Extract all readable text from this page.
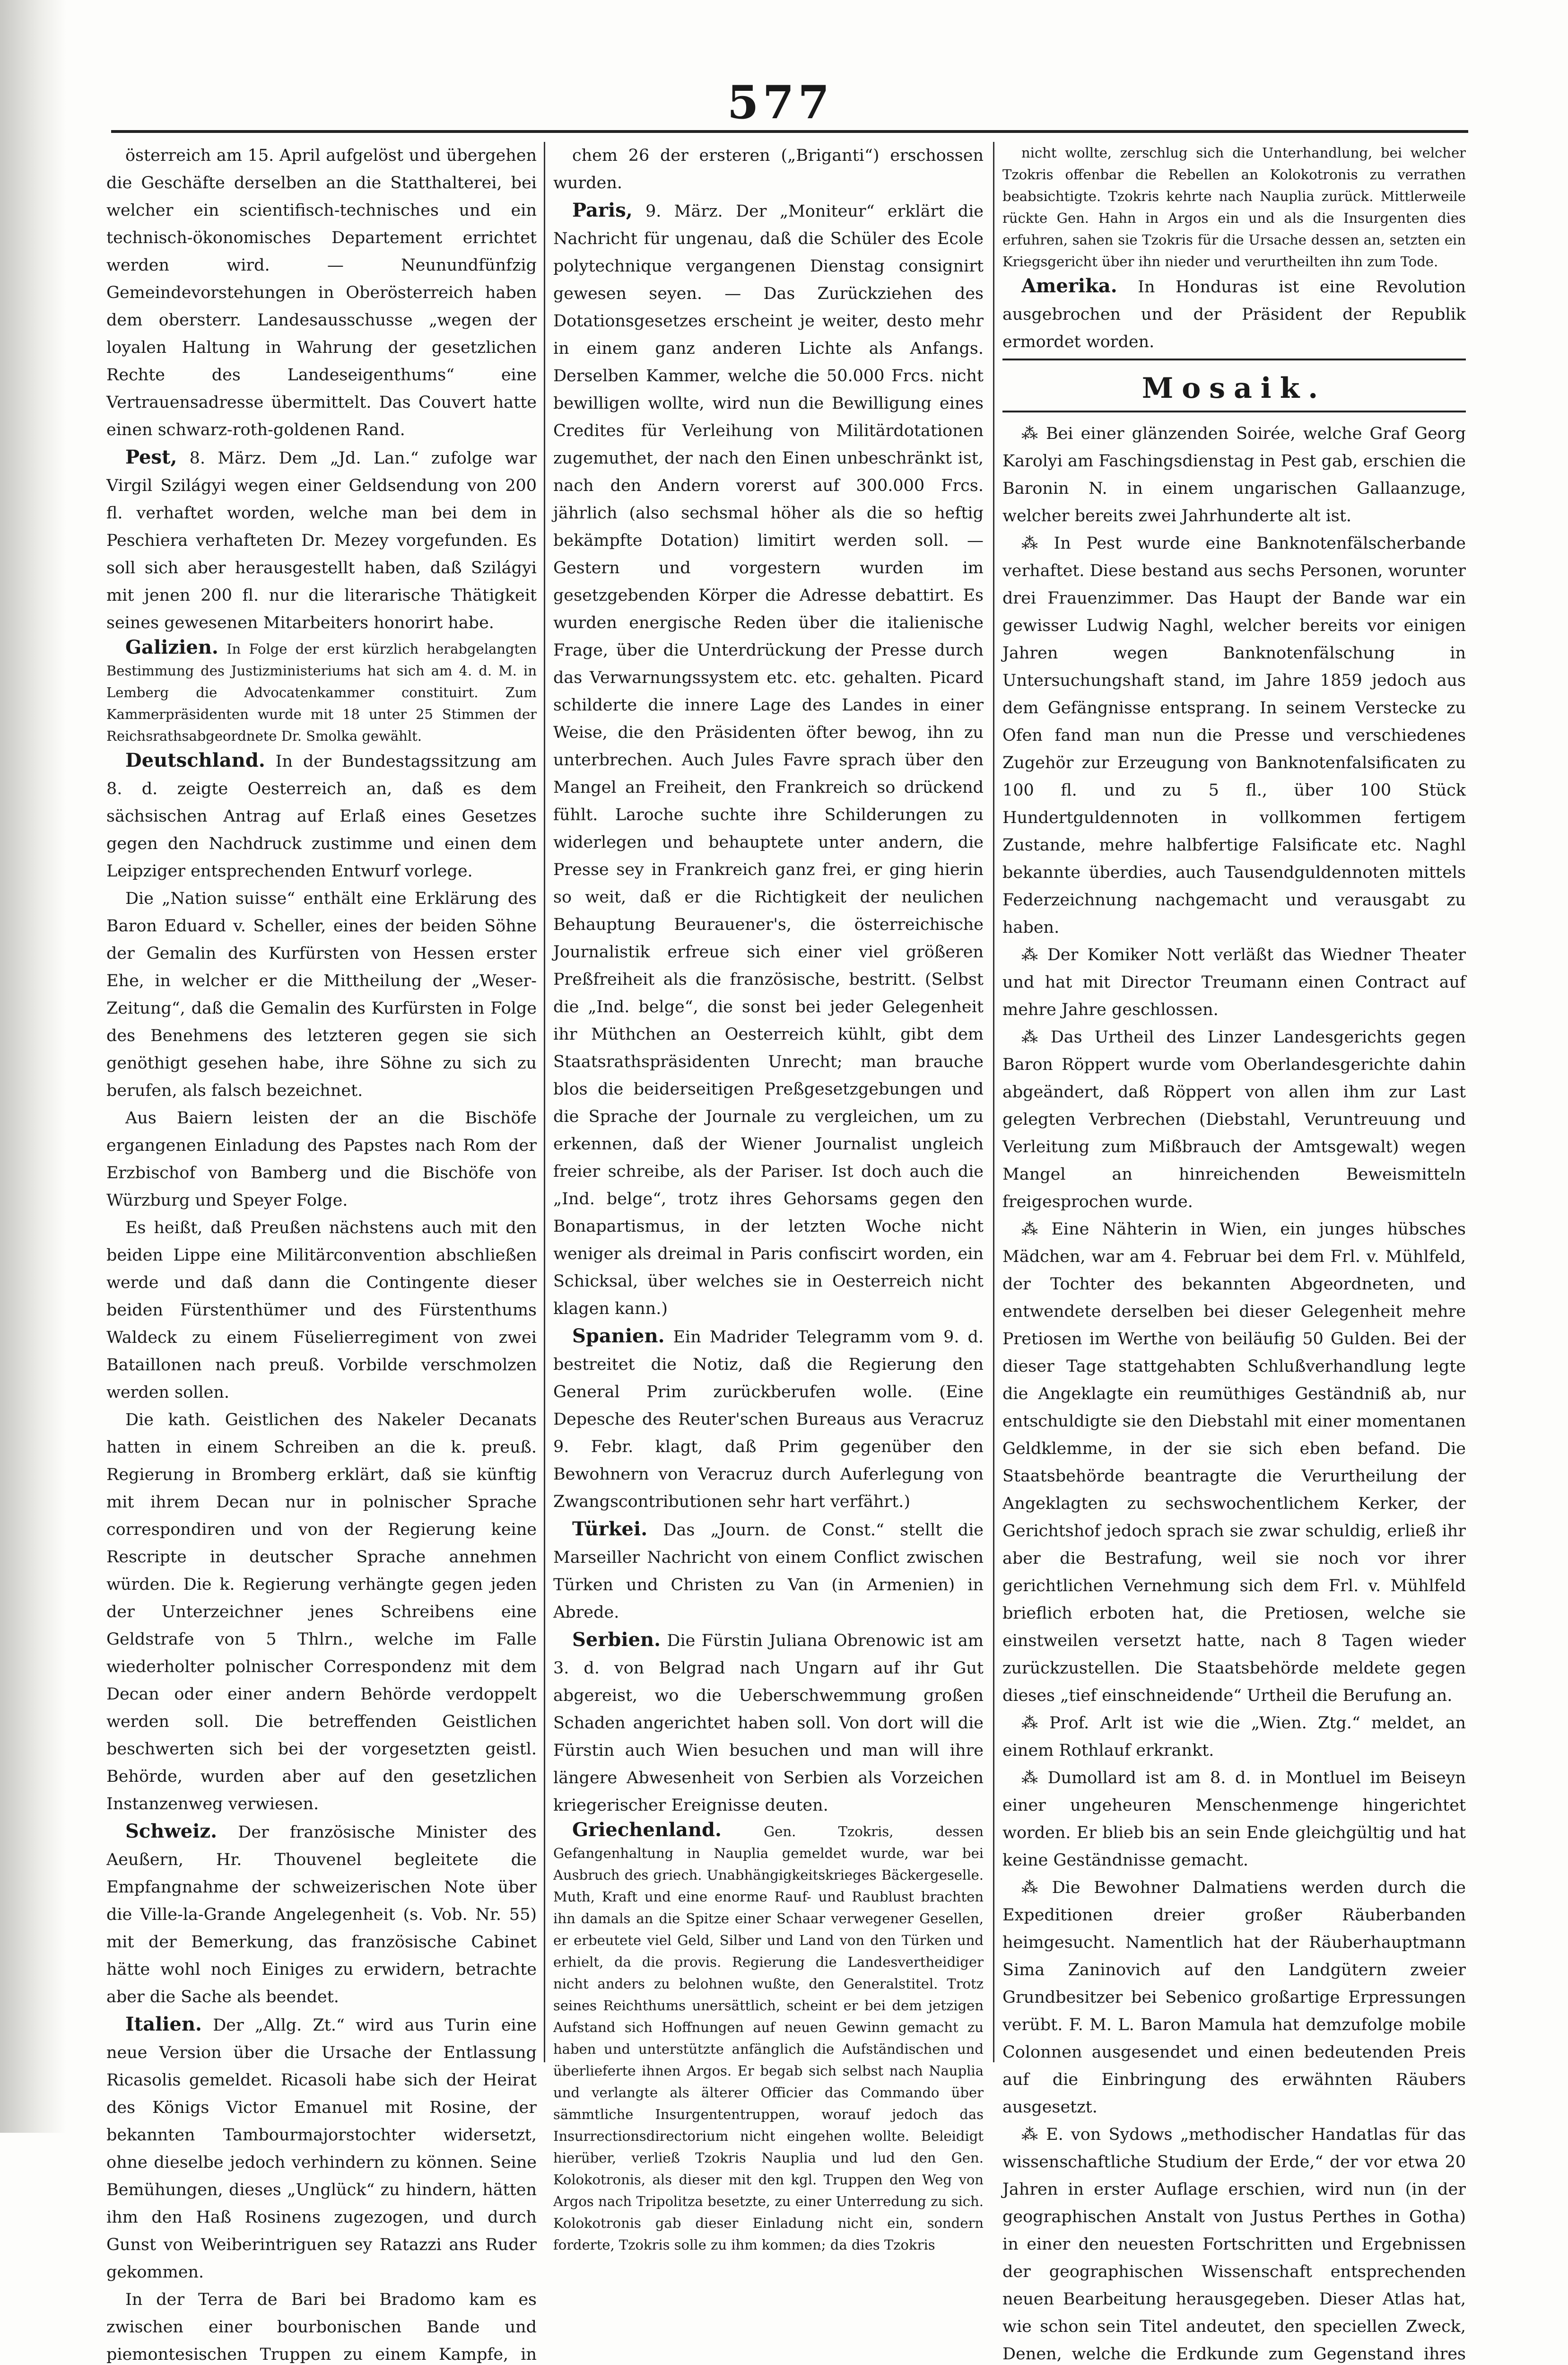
577

österreich am 15. April aufgelöst und übergehen die Geschäfte derselben an die Statthalterei, bei welcher ein scientifisch-technisches und ein technisch-ökonomisches Departement errichtet werden wird. — Neunundfünfzig Gemeindevorstehungen in Oberösterreich haben dem obersterr. Landesausschusse „wegen der loyalen Haltung in Wahrung der gesetzlichen Rechte des Landeseigenthums“ eine Vertrauensadresse übermittelt. Das Couvert hatte einen schwarz-roth-goldenen Rand.

Pest, 8. März. Dem „Jd. Lan.“ zufolge war Virgil Szilágyi wegen einer Geldsendung von 200 fl. verhaftet worden, welche man bei dem in Peschiera verhafteten Dr. Mezey vorgefunden. Es soll sich aber herausgestellt haben, daß Szilágyi mit jenen 200 fl. nur die literarische Thätigkeit seines gewesenen Mitarbeiters honorirt habe.

Galizien. In Folge der erst kürzlich herabgelangten Bestimmung des Justizministeriums hat sich am 4. d. M. in Lemberg die Advocatenkammer constituirt. Zum Kammerpräsidenten wurde mit 18 unter 25 Stimmen der Reichsrathsabgeordnete Dr. Smolka gewählt.

Deutschland. In der Bundestagssitzung am 8. d. zeigte Oesterreich an, daß es dem sächsischen Antrag auf Erlaß eines Gesetzes gegen den Nachdruck zustimme und einen dem Leipziger entsprechenden Entwurf vorlege.

Die „Nation suisse“ enthält eine Erklärung des Baron Eduard v. Scheller, eines der beiden Söhne der Gemalin des Kurfürsten von Hessen erster Ehe, in welcher er die Mittheilung der „Weser-Zeitung“, daß die Gemalin des Kurfürsten in Folge des Benehmens des letzteren gegen sie sich genöthigt gesehen habe, ihre Söhne zu sich zu berufen, als falsch bezeichnet.

Aus Baiern leisten der an die Bischöfe ergangenen Einladung des Papstes nach Rom der Erzbischof von Bamberg und die Bischöfe von Würzburg und Speyer Folge.

Es heißt, daß Preußen nächstens auch mit den beiden Lippe eine Militärconvention abschließen werde und daß dann die Contingente dieser beiden Fürstenthümer und des Fürstenthums Waldeck zu einem Füselierregiment von zwei Bataillonen nach preuß. Vorbilde verschmolzen werden sollen.

Die kath. Geistlichen des Nakeler Decanats hatten in einem Schreiben an die k. preuß. Regierung in Bromberg erklärt, daß sie künftig mit ihrem Decan nur in polnischer Sprache correspondiren und von der Regierung keine Rescripte in deutscher Sprache annehmen würden. Die k. Regierung verhängte gegen jeden der Unterzeichner jenes Schreibens eine Geldstrafe von 5 Thlrn., welche im Falle wiederholter polnischer Correspondenz mit dem Decan oder einer andern Behörde verdoppelt werden soll. Die betreffenden Geistlichen beschwerten sich bei der vorgesetzten geistl. Behörde, wurden aber auf den gesetzlichen Instanzenweg verwiesen.

Schweiz. Der französische Minister des Aeußern, Hr. Thouvenel begleitete die Empfangnahme der schweizerischen Note über die Ville-la-Grande Angelegenheit (s. Vob. Nr. 55) mit der Bemerkung, das französische Cabinet hätte wohl noch Einiges zu erwidern, betrachte aber die Sache als beendet.

Italien. Der „Allg. Zt.“ wird aus Turin eine neue Version über die Ursache der Entlassung Ricasolis gemeldet. Ricasoli habe sich der Heirat des Königs Victor Emanuel mit Rosine, der bekannten Tambourmajorstochter widersetzt, ohne dieselbe jedoch verhindern zu können. Seine Bemühungen, dieses „Unglück“ zu hindern, hätten ihm den Haß Rosinens zugezogen, und durch Gunst von Weiberintriguen sey Ratazzi ans Ruder gekommen.

In der Terra de Bari bei Bradomo kam es zwischen einer bourbonischen Bande und piemontesischen Truppen zu einem Kampfe, in

chem 26 der ersteren („Briganti“) erschossen wurden.

Paris, 9. März. Der „Moniteur“ erklärt die Nachricht für ungenau, daß die Schüler des Ecole polytechnique vergangenen Dienstag consignirt gewesen seyen. — Das Zurückziehen des Dotationsgesetzes erscheint je weiter, desto mehr in einem ganz anderen Lichte als Anfangs. Derselben Kammer, welche die 50.000 Frcs. nicht bewilligen wollte, wird nun die Bewilligung eines Credites für Verleihung von Militärdotationen zugemuthet, der nach den Einen unbeschränkt ist, nach den Andern vorerst auf 300.000 Frcs. jährlich (also sechsmal höher als die so heftig bekämpfte Dotation) limitirt werden soll. — Gestern und vorgestern wurden im gesetzgebenden Körper die Adresse debattirt. Es wurden energische Reden über die italienische Frage, über die Unterdrückung der Presse durch das Verwarnungssystem etc. etc. gehalten. Picard schilderte die innere Lage des Landes in einer Weise, die den Präsidenten öfter bewog, ihn zu unterbrechen. Auch Jules Favre sprach über den Mangel an Freiheit, den Frankreich so drückend fühlt. Laroche suchte ihre Schilderungen zu widerlegen und behauptete unter andern, die Presse sey in Frankreich ganz frei, er ging hierin so weit, daß er die Richtigkeit der neulichen Behauptung Beurauener's, die österreichische Journalistik erfreue sich einer viel größeren Preßfreiheit als die französische, bestritt. (Selbst die „Ind. belge“, die sonst bei jeder Gelegenheit ihr Müthchen an Oesterreich kühlt, gibt dem Staatsrathspräsidenten Unrecht; man brauche blos die beiderseitigen Preßgesetzgebungen und die Sprache der Journale zu vergleichen, um zu erkennen, daß der Wiener Journalist ungleich freier schreibe, als der Pariser. Ist doch auch die „Ind. belge“, trotz ihres Gehorsams gegen den Bonapartismus, in der letzten Woche nicht weniger als dreimal in Paris confiscirt worden, ein Schicksal, über welches sie in Oesterreich nicht klagen kann.)

Spanien. Ein Madrider Telegramm vom 9. d. bestreitet die Notiz, daß die Regierung den General Prim zurückberufen wolle. (Eine Depesche des Reuter'schen Bureaus aus Veracruz 9. Febr. klagt, daß Prim gegenüber den Bewohnern von Veracruz durch Auferlegung von Zwangscontributionen sehr hart verfährt.)

Türkei. Das „Journ. de Const.“ stellt die Marseiller Nachricht von einem Conflict zwischen Türken und Christen zu Van (in Armenien) in Abrede.

Serbien. Die Fürstin Juliana Obrenowic ist am 3. d. von Belgrad nach Ungarn auf ihr Gut abgereist, wo die Ueberschwemmung großen Schaden angerichtet haben soll. Von dort will die Fürstin auch Wien besuchen und man will ihre längere Abwesenheit von Serbien als Vorzeichen kriegerischer Ereignisse deuten.

Griechenland.	Gen. Tzokris, dessen Gefangenhaltung in Nauplia gemeldet wurde, war bei Ausbruch des griech. Unabhängigkeitskrieges Bäckergeselle. Muth, Kraft und eine enorme Rauf- und Raublust brachten ihn damals an die Spitze einer Schaar verwegener Gesellen, er erbeutete viel Geld, Silber und Land von den Türken und erhielt, da die provis. Regierung die Landesvertheidiger nicht anders zu belohnen wußte, den Generalstitel. Trotz seines Reichthums unersättlich, scheint er bei dem jetzigen Aufstand sich Hoffnungen auf neuen Gewinn gemacht zu haben und unterstützte anfänglich die Aufständischen und überlieferte ihnen Argos. Er begab sich selbst nach Nauplia und verlangte als älterer Officier das Commando über sämmtliche Insurgententruppen, worauf jedoch das Insurrectionsdirectorium nicht eingehen wollte. Beleidigt hierüber, verließ Tzokris Nauplia und lud den Gen. Kolokotronis, als dieser mit den kgl. Truppen den Weg von Argos nach Tripolitza besetzte, zu einer Unterredung zu sich. Kolokotronis gab dieser Einladung nicht ein, sondern forderte, Tzokris solle zu ihm kommen; da dies Tzokris

nicht wollte, zerschlug sich die Unterhandlung, bei welcher Tzokris offenbar die Rebellen an Kolokotronis zu verrathen beabsichtigte. Tzokris kehrte nach Nauplia zurück. Mittlerweile rückte Gen. Hahn in Argos ein und als die Insurgenten dies erfuhren, sahen sie Tzokris für die Ursache dessen an, setzten ein Kriegsgericht über ihn nieder und verurtheilten ihn zum Tode.

Amerika. In Honduras ist eine Revolution ausgebrochen und der Präsident der Republik ermordet worden.

Mosaik.

⁂ Bei einer glänzenden Soirée, welche Graf Georg Karolyi am Faschingsdienstag in Pest gab, erschien die Baronin N. in einem ungarischen Gallaanzuge, welcher bereits zwei Jahrhunderte alt ist.

⁂ In Pest wurde eine Banknotenfälscherbande verhaftet. Diese bestand aus sechs Personen, worunter drei Frauenzimmer. Das Haupt der Bande war ein gewisser Ludwig Naghl, welcher bereits vor einigen Jahren wegen Banknotenfälschung in Untersuchungshaft stand, im Jahre 1859 jedoch aus dem Gefängnisse entsprang. In seinem Verstecke zu Ofen fand man nun die Presse und verschiedenes Zugehör zur Erzeugung von Banknotenfalsificaten zu 100 fl. und zu 5 fl., über 100 Stück Hundertguldennoten in vollkommen fertigem Zustande, mehre halbfertige Falsificate etc. Naghl bekannte überdies, auch Tausendguldennoten mittels Federzeichnung nachgemacht und verausgabt zu haben.

⁂ Der Komiker Nott verläßt das Wiedner Theater und hat mit Director Treumann einen Contract auf mehre Jahre geschlossen.

⁂ Das Urtheil des Linzer Landesgerichts gegen Baron Röppert wurde vom Oberlandesgerichte dahin abgeändert, daß Röppert von allen ihm zur Last gelegten Verbrechen (Diebstahl, Veruntreuung und Verleitung zum Mißbrauch der Amtsgewalt) wegen Mangel an hinreichenden Beweismitteln freigesprochen wurde.

⁂ Eine Nähterin in Wien, ein junges hübsches Mädchen, war am 4. Februar bei dem Frl. v. Mühlfeld, der Tochter des bekannten Abgeordneten, und entwendete derselben bei dieser Gelegenheit mehre Pretiosen im Werthe von beiläufig 50 Gulden. Bei der dieser Tage stattgehabten Schlußverhandlung legte die Angeklagte ein reumüthiges Geständniß ab, nur entschuldigte sie den Diebstahl mit einer momentanen Geldklemme, in der sie sich eben befand. Die Staatsbehörde beantragte die Verurtheilung der Angeklagten zu sechswochentlichem Kerker, der Gerichtshof jedoch sprach sie zwar schuldig, erließ ihr aber die Bestrafung, weil sie noch vor ihrer gerichtlichen Vernehmung sich dem Frl. v. Mühlfeld brieflich erboten hat, die Pretiosen, welche sie einstweilen versetzt hatte, nach 8 Tagen wieder zurückzustellen. Die Staatsbehörde meldete gegen dieses „tief einschneidende“ Urtheil die Berufung an.

⁂ Prof. Arlt ist wie die „Wien. Ztg.“ meldet, an einem Rothlauf erkrankt.

⁂ Dumollard ist am 8. d. in Montluel im Beiseyn einer ungeheuren Menschenmenge hingerichtet worden. Er blieb bis an sein Ende gleichgültig und hat keine Geständnisse gemacht.

⁂ Die Bewohner Dalmatiens werden durch die Expeditionen dreier großer Räuberbanden heimgesucht. Namentlich hat der Räuberhauptmann Sima Zaninovich auf den Landgütern zweier Grundbesitzer bei Sebenico großartige Erpressungen verübt. F. M. L. Baron Mamula hat demzufolge mobile Colonnen ausgesendet und einen bedeutenden Preis auf die Einbringung des erwähnten Räubers ausgesetzt.

⁂ E. von Sydows „methodischer Handatlas für das wissenschaftliche Studium der Erde,“ der vor etwa 20 Jahren in erster Auflage erschien, wird nun (in der geographischen Anstalt von Justus Perthes in Gotha) in einer den neuesten Fortschritten und Ergebnissen der geographischen Wissenschaft entsprechenden neuen Bearbeitung herausgegeben. Dieser Atlas hat, wie schon sein Titel andeutet, den speciellen Zweck, Denen, welche die Erdkunde zum Gegenstand ihres
